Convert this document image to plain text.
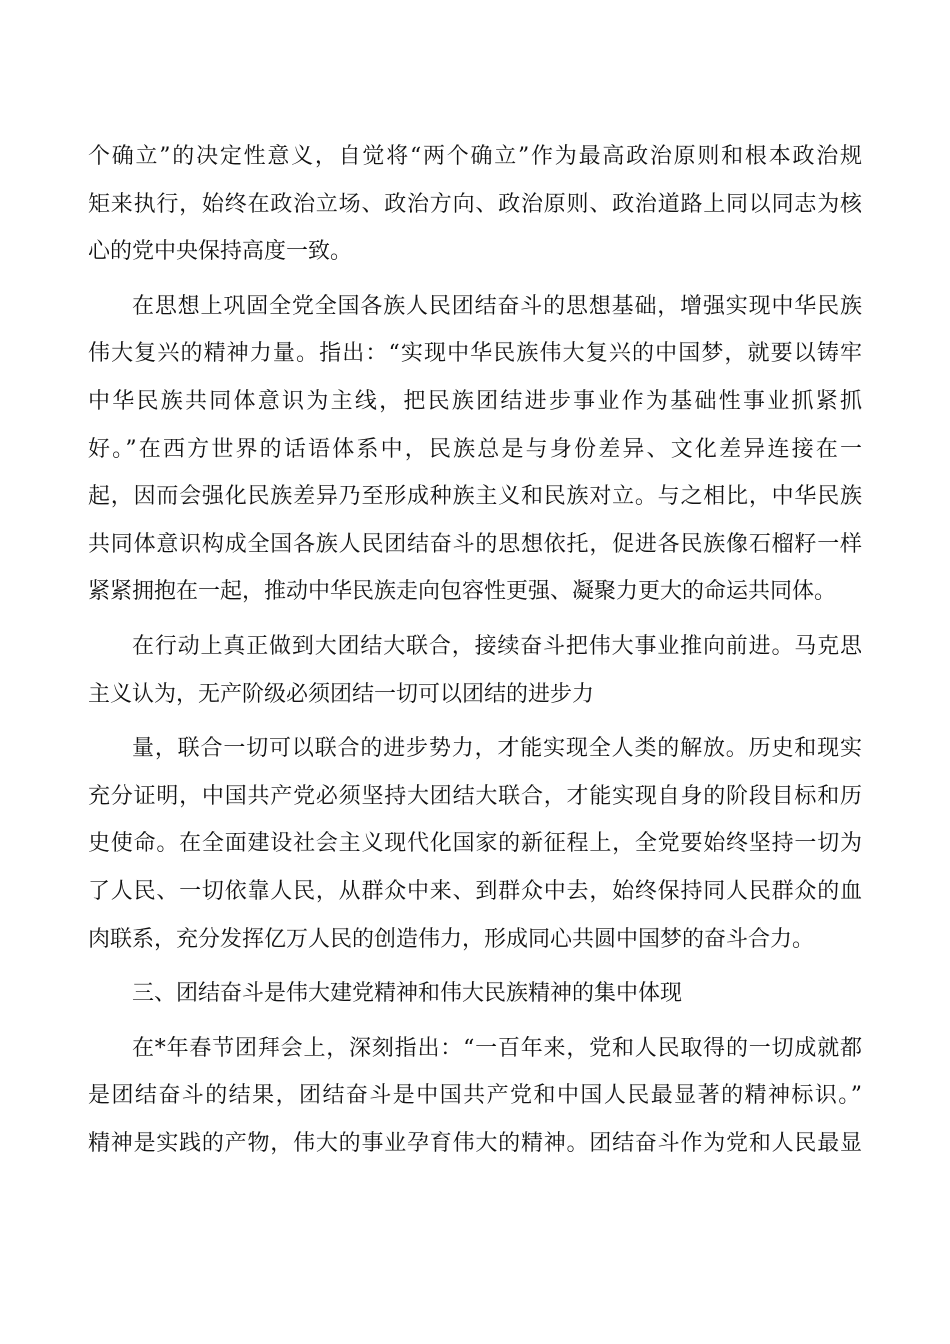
个确立”的决定性意义，自觉将“两个确立”作为最高政治原则和根本政治规
矩来执行，始终在政治立场、政治方向、政治原则、政治道路上同以同志为核
心的党中央保持高度一致。
在思想上巩固全党全国各族人民团结奋斗的思想基础，增强实现中华民族
伟大复兴的精神力量。指出：“实现中华民族伟大复兴的中国梦，就要以铸牢
中华民族共同体意识为主线，把民族团结进步事业作为基础性事业抓紧抓
好。”在西方世界的话语体系中，民族总是与身份差异、文化差异连接在一
起，因而会强化民族差异乃至形成种族主义和民族对立。与之相比，中华民族
共同体意识构成全国各族人民团结奋斗的思想依托，促进各民族像石榴籽一样
紧紧拥抱在一起，推动中华民族走向包容性更强、凝聚力更大的命运共同体。
在行动上真正做到大团结大联合，接续奋斗把伟大事业推向前进。马克思
主义认为，无产阶级必须团结一切可以团结的进步力
量，联合一切可以联合的进步势力，才能实现全人类的解放。历史和现实
充分证明，中国共产党必须坚持大团结大联合，才能实现自身的阶段目标和历
史使命。在全面建设社会主义现代化国家的新征程上，全党要始终坚持一切为
了人民、一切依靠人民，从群众中来、到群众中去，始终保持同人民群众的血
肉联系，充分发挥亿万人民的创造伟力，形成同心共圆中国梦的奋斗合力。
三、团结奋斗是伟大建党精神和伟大民族精神的集中体现
在*年春节团拜会上，深刻指出：“一百年来，党和人民取得的一切成就都
是团结奋斗的结果，团结奋斗是中国共产党和中国人民最显著的精神标识。”
精神是实践的产物，伟大的事业孕育伟大的精神。团结奋斗作为党和人民最显
